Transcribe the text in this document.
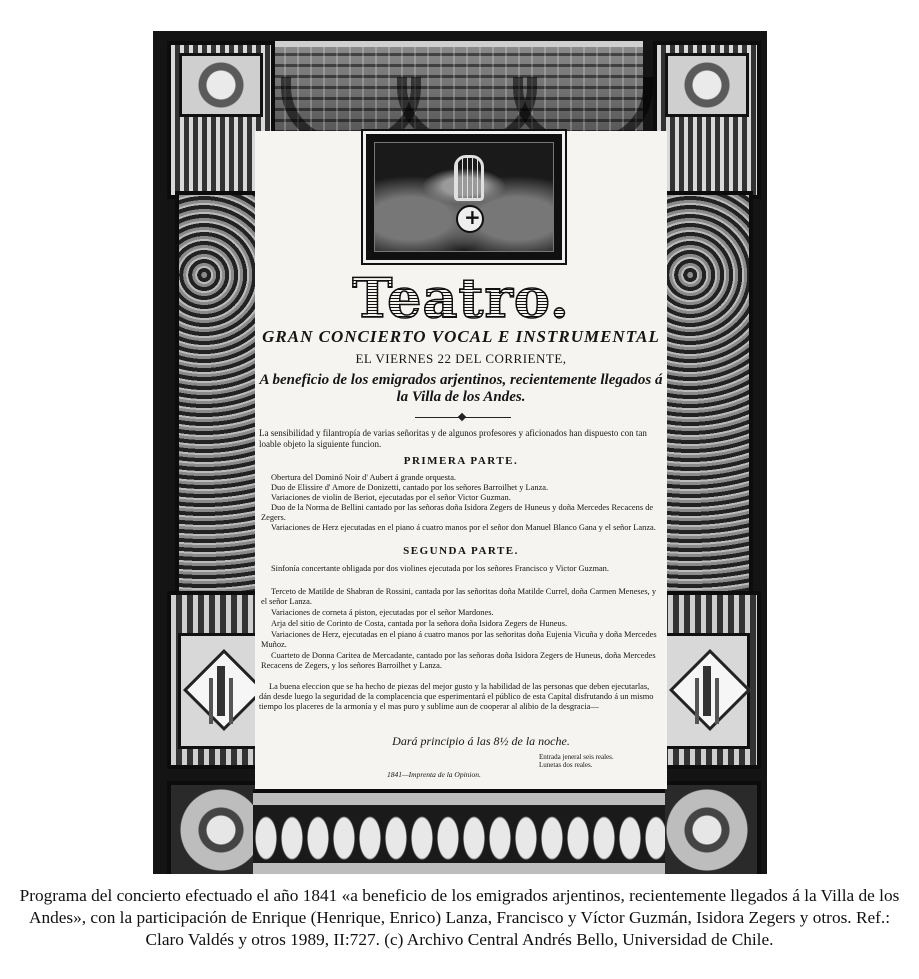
+
Teatro.
GRAN CONCIERTO VOCAL E INSTRUMENTAL
EL VIERNES 22 DEL CORRIENTE,
A beneficio de los emigrados arjentinos, recientemente llegados á la Villa de los Andes.
La sensibilidad y filantropía de varias señoritas y de algunos profesores y aficionados han dispuesto con tan loable objeto la siguiente funcion.
PRIMERA PARTE.
Obertura del Dominó Noir d' Aubert á grande orquesta.
Duo de Elissire d' Amore de Donizetti, cantado por los señores Barroilhet y Lanza.
Variaciones de violin de Beriot, ejecutadas por el señor Victor Guzman.
Duo de la Norma de Bellini cantado por las señoras doña Isidora Zegers de Huneus y doña Mercedes Recacens de Zegers.
Variaciones de Herz ejecutadas en el piano á cuatro manos por el señor don Manuel Blanco Gana y el señor Lanza.
SEGUNDA PARTE.
Sinfonía concertante obligada por dos violines ejecutada por los señores Francisco y Victor Guzman.
Terceto de Matilde de Shabran de Rossini, cantada por las señoritas doña Matilde Currel, doña Carmen Meneses, y el señor Lanza.
Variaciones de corneta á piston, ejecutadas por el señor Mardones.
Arja del sitio de Corinto de Costa, cantada por la señora doña Isidora Zegers de Huneus.
Variaciones de Herz, ejecutadas en el piano á cuatro manos por las señoritas doña Eujenia Vicuña y doña Mercedes Muñoz.
Cuarteto de Donna Caritea de Mercadante, cantado por las señoras doña Isidora Zegers de Huneus, doña Mercedes Recacens de Zegers, y los señores Barroilhet y Lanza.
La buena eleccion que se ha hecho de piezas del mejor gusto y la habilidad de las personas que deben ejecutarlas, dán desde luego la seguridad de la complacencia que esperimentará el público de esta Capital disfrutando á un mismo tiempo los placeres de la armonía y el mas puro y sublime aun de cooperar al alibio de la desgracia—
Dará principio á las 8½ de la noche.
Entrada jeneral seis reales.
Lunetas dos reales.
1841—Imprenta de la Opinion.
Programa del concierto efectuado el año 1841 «a beneficio de los emigrados arjentinos, recientemente llegados á la Villa de los Andes», con la participación de Enrique (Henrique, Enrico) Lanza, Francisco y Víctor Guzmán, Isidora Zegers y otros. Ref.: Claro Valdés y otros 1989, II:727. (c) Archivo Central Andrés Bello, Universidad de Chile.
